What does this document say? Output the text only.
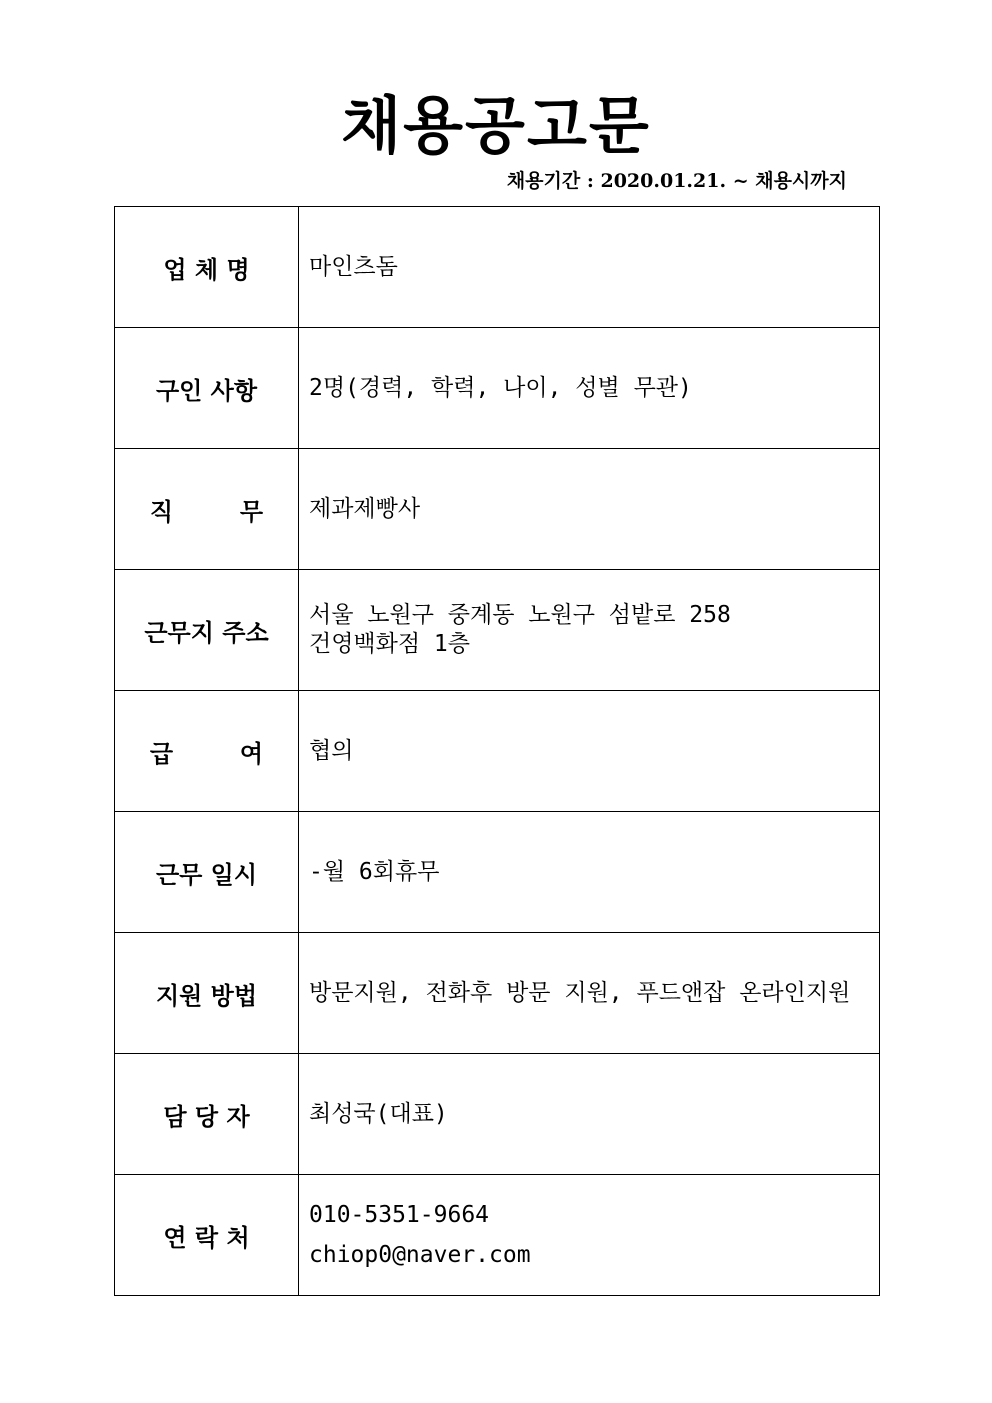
채용공고문
채용기간 : 2020.01.21. ~ 채용시까지
업 체 명	마인츠돔

구인 사항	2명(경력, 학력, 나이, 성별 무관)

직        무	제과제빵사

근무지 주소	서울 노원구 중계동 노원구 섬밭로 258
건영백화점 1층

급        여	협의

근무 일시	-월 6회휴무

지원 방법	방문지원, 전화후 방문 지원, 푸드앤잡 온라인지원

담 당 자	최성국(대표)

연 락 처	010-5351-9664
chiop0@naver.com
